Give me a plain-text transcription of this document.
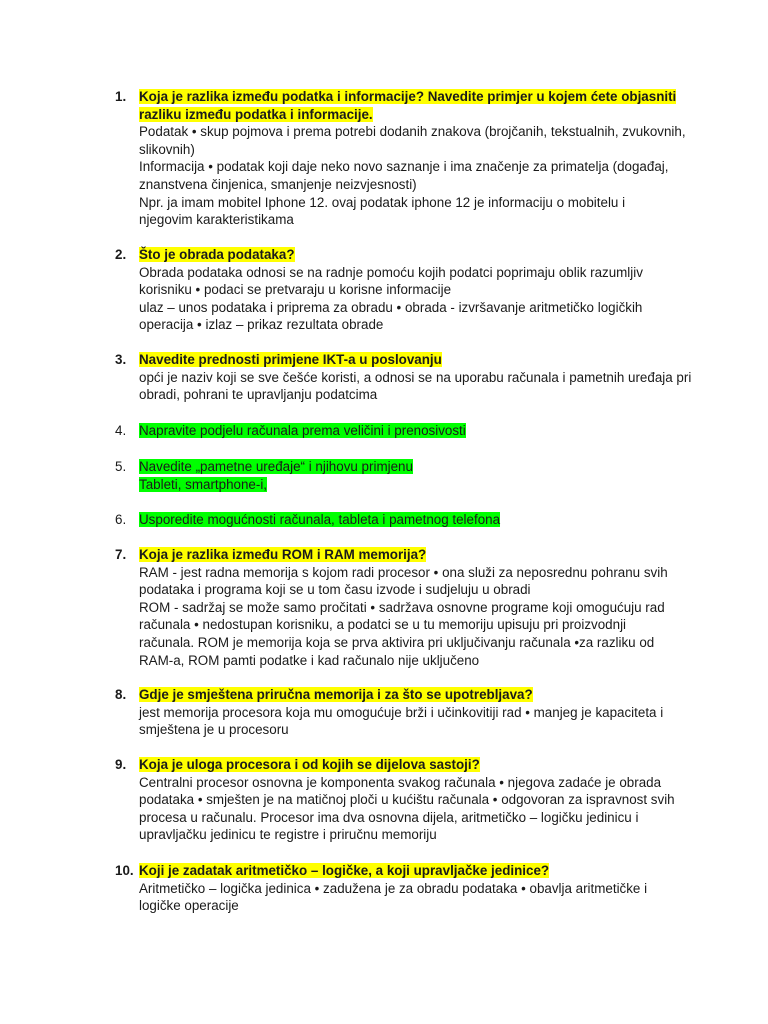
1. Koja je razlika između podatka i informacije? Navedite primjer u kojem ćete objasniti
razliku između podatka i informacije.
Podatak • skup pojmova i prema potrebi dodanih znakova (brojčanih, tekstualnih, zvukovnih,
slikovnih)
Informacija • podatak koji daje neko novo saznanje i ima značenje za primatelja (događaj,
znanstvena činjenica, smanjenje neizvjesnosti)
Npr. ja imam mobitel Iphone 12. ovaj podatak iphone 12 je informaciju o mobitelu i
njegovim karakteristikama
2. Što je obrada podataka?
Obrada podataka odnosi se na radnje pomoću kojih podatci poprimaju oblik razumljiv
korisniku • podaci se pretvaraju u korisne informacije
ulaz – unos podataka i priprema za obradu • obrada - izvršavanje aritmetičko logičkih
operacija • izlaz – prikaz rezultata obrade
3. Navedite prednosti primjene IKT-a u poslovanju
opći je naziv koji se sve češće koristi, a odnosi se na uporabu računala i pametnih uređaja pri
obradi, pohrani te upravljanju podatcima
4. Napravite podjelu računala prema veličini i prenosivosti
5. Navedite „pametne uređaje“ i njihovu primjenu
Tableti, smartphone-i,
6. Usporedite mogućnosti računala, tableta i pametnog telefona
7. Koja je razlika između ROM i RAM memorija?
RAM - jest radna memorija s kojom radi procesor • ona služi za neposrednu pohranu svih
podataka i programa koji se u tom času izvode i sudjeluju u obradi
ROM - sadržaj se može samo pročitati • sadržava osnovne programe koji omogućuju rad
računala • nedostupan korisniku, a podatci se u tu memoriju upisuju pri proizvodnji
računala. ROM je memorija koja se prva aktivira pri uključivanju računala •za razliku od
RAM-a, ROM pamti podatke i kad računalo nije uključeno
8. Gdje je smještena priručna memorija i za što se upotrebljava?
jest memorija procesora koja mu omogućuje brži i učinkovitiji rad • manjeg je kapaciteta i
smještena je u procesoru
9. Koja je uloga procesora i od kojih se dijelova sastoji?
Centralni procesor osnovna je komponenta svakog računala • njegova zadaće je obrada
podataka • smješten je na matičnoj ploči u kućištu računala • odgovoran za ispravnost svih
procesa u računalu. Procesor ima dva osnovna dijela, aritmetičko – logičku jedinicu i
upravljačku jedinicu te registre i priručnu memoriju
10. Koji je zadatak aritmetičko – logičke, a koji upravljačke jedinice?
Aritmetičko – logička jedinica • zadužena je za obradu podataka • obavlja aritmetičke i
logičke operacije
